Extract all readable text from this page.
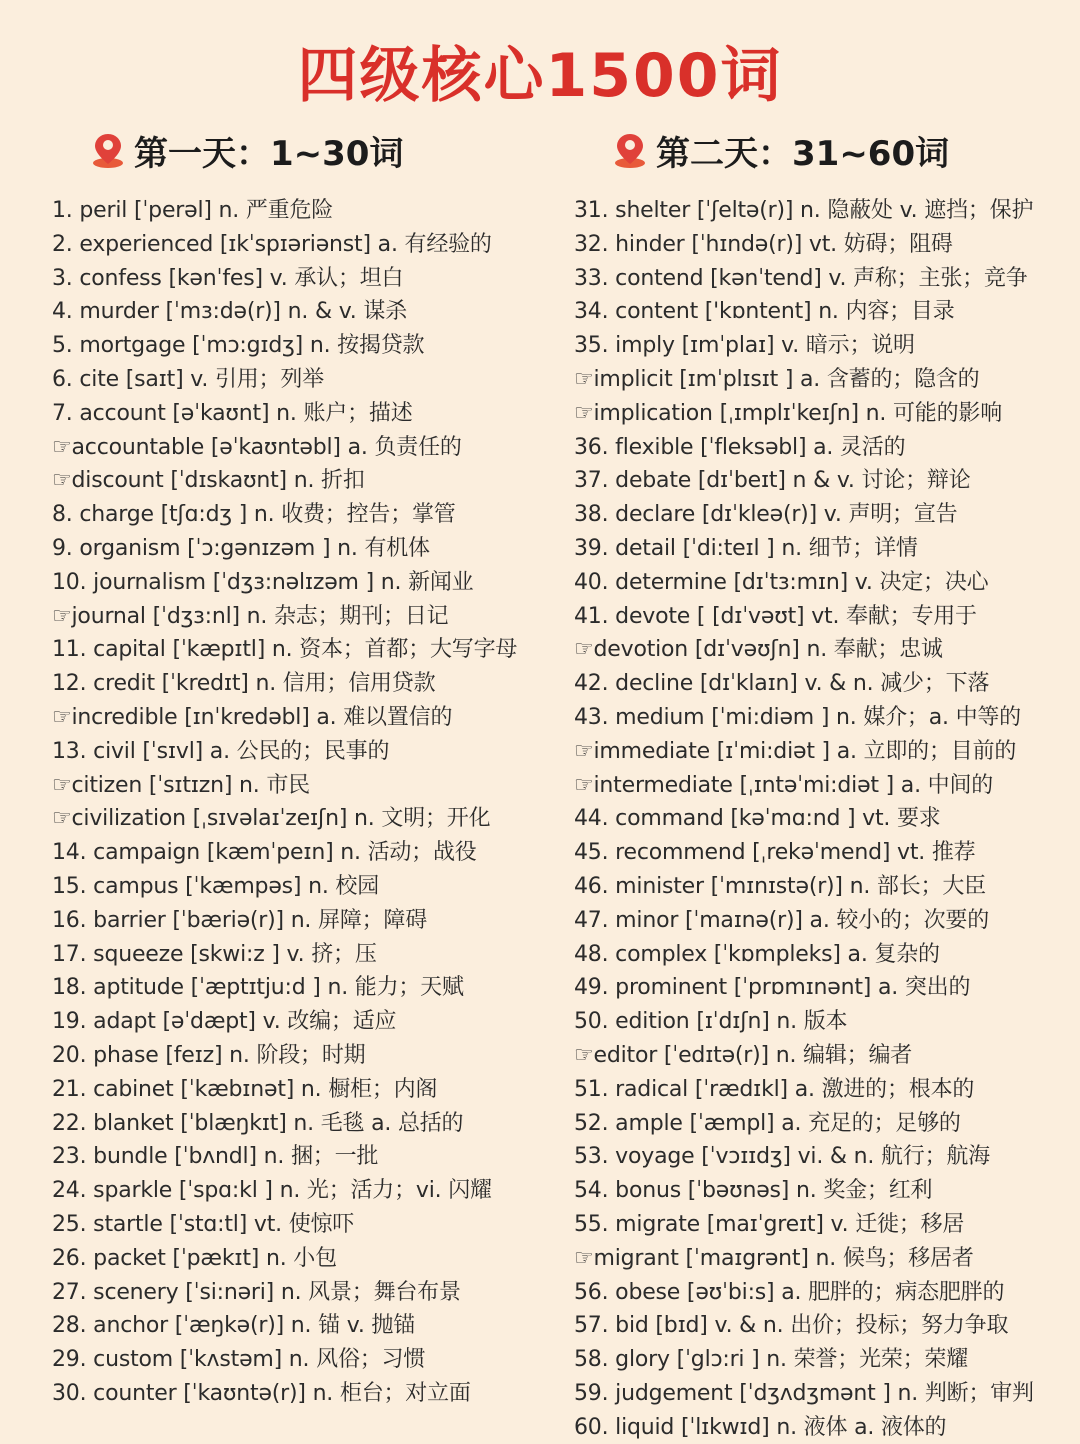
四级核心1500词
第一天：1~30词
1. peril [ˈperəl] n. 严重危险
2. experienced [ɪkˈspɪəriənst] a. 有经验的
3. confess [kənˈfes] v. 承认；坦白
4. murder [ˈmɜ:də(r)] n. & v. 谋杀
5. mortgage [ˈmɔ:gɪdʒ] n. 按揭贷款
6. cite [saɪt] v. 引用；列举
7. account [əˈkaʊnt] n. 账户；描述
☞accountable [əˈkaʊntəbl] a. 负责任的
☞discount [ˈdɪskaʊnt] n. 折扣
8. charge [tʃɑ:dʒ ] n. 收费；控告；掌管
9. organism [ˈɔ:gənɪzəm ] n. 有机体
10. journalism [ˈdʒɜ:nəlɪzəm ] n. 新闻业
☞journal [ˈdʒɜ:nl] n. 杂志；期刊；日记
11. capital [ˈkæpɪtl] n. 资本；首都；大写字母
12. credit [ˈkredɪt] n. 信用；信用贷款
☞incredible [ɪnˈkredəbl] a. 难以置信的
13. civil [ˈsɪvl] a. 公民的；民事的
☞citizen [ˈsɪtɪzn] n. 市民
☞civilization [ˌsɪvəlaɪˈzeɪʃn] n. 文明；开化
14. campaign [kæmˈpeɪn] n. 活动；战役
15. campus [ˈkæmpəs] n. 校园
16. barrier [ˈbæriə(r)] n. 屏障；障碍
17. squeeze [skwi:z ] v. 挤；压
18. aptitude [ˈæptɪtju:d ] n. 能力；天赋
19. adapt [əˈdæpt] v. 改编；适应
20. phase [feɪz] n. 阶段；时期
21. cabinet [ˈkæbɪnət] n. 橱柜；内阁
22. blanket [ˈblæŋkɪt] n. 毛毯 a. 总括的
23. bundle [ˈbʌndl] n. 捆；一批
24. sparkle [ˈspɑ:kl ] n. 光；活力；vi. 闪耀
25. startle [ˈstɑ:tl] vt. 使惊吓
26. packet [ˈpækɪt] n. 小包
27. scenery [ˈsi:nəri] n. 风景；舞台布景
28. anchor [ˈæŋkə(r)] n. 锚 v. 抛锚
29. custom [ˈkʌstəm] n. 风俗；习惯
30. counter [ˈkaʊntə(r)] n. 柜台；对立面
第二天：31~60词
31. shelter [ˈʃeltə(r)] n. 隐蔽处 v. 遮挡；保护
32. hinder [ˈhɪndə(r)] vt. 妨碍；阻碍
33. contend [kənˈtend] v. 声称；主张；竞争
34. content ['kɒntent] n. 内容；目录
35. imply [ɪmˈplaɪ] v. 暗示；说明
☞implicit [ɪmˈplɪsɪt ] a. 含蓄的；隐含的
☞implication [ˌɪmplɪˈkeɪʃn] n. 可能的影响
36. flexible [ˈfleksəbl] a. 灵活的
37. debate [dɪˈbeɪt] n & v. 讨论；辩论
38. declare [dɪˈkleə(r)] v. 声明；宣告
39. detail [ˈdi:teɪl ] n. 细节；详情
40. determine [dɪˈtɜ:mɪn] v. 决定；决心
41. devote [ [dɪˈvəʊt] vt. 奉献；专用于
☞devotion [dɪˈvəʊʃn] n. 奉献；忠诚
42. decline [dɪˈklaɪn] v. & n. 减少；下落
43. medium [ˈmi:diəm ] n. 媒介；a. 中等的
☞immediate [ɪˈmi:diət ] a. 立即的；目前的
☞intermediate [ˌɪntəˈmi:diət ] a. 中间的
44. command [kəˈmɑ:nd ] vt. 要求
45. recommend [ˌrekəˈmend] vt. 推荐
46. minister [ˈmɪnɪstə(r)] n. 部长；大臣
47. minor [ˈmaɪnə(r)] a. 较小的；次要的
48. complex [ˈkɒmpleks] a. 复杂的
49. prominent [ˈprɒmɪnənt] a. 突出的
50. edition [ɪˈdɪʃn] n. 版本
☞editor [ˈedɪtə(r)] n. 编辑；编者
51. radical [ˈrædɪkl] a. 激进的；根本的
52. ample [ˈæmpl] a. 充足的；足够的
53. voyage [ˈvɔɪɪdʒ] vi. & n. 航行；航海
54. bonus [ˈbəʊnəs] n. 奖金；红利
55. migrate [maɪˈgreɪt] v. 迁徙；移居
☞migrant [ˈmaɪgrənt] n. 候鸟；移居者
56. obese [əʊˈbi:s] a. 肥胖的；病态肥胖的
57. bid [bɪd] v. & n. 出价；投标；努力争取
58. glory [ˈglɔ:ri ] n. 荣誉；光荣；荣耀
59. judgement [ˈdʒʌdʒmənt ] n. 判断；审判
60. liquid [ˈlɪkwɪd] n. 液体 a. 液体的
